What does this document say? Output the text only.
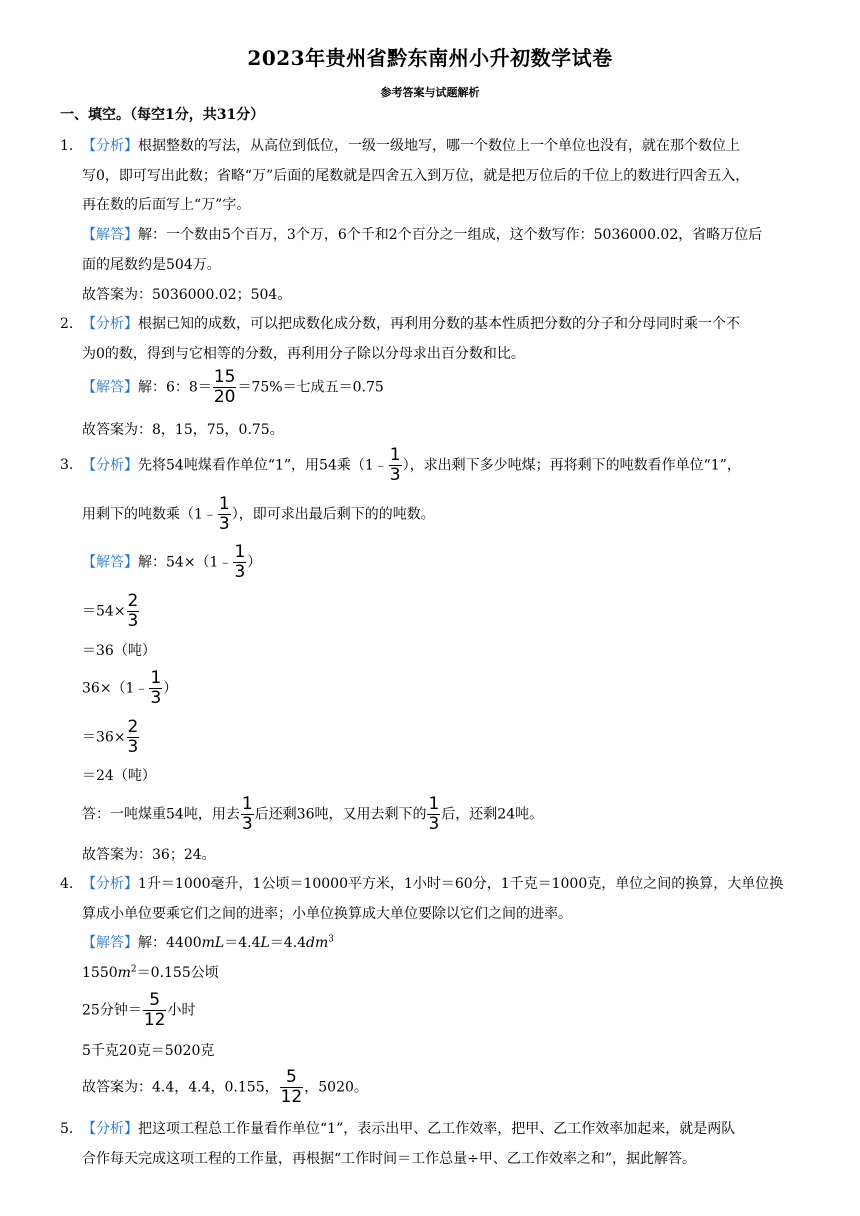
2023年贵州省黔东南州小升初数学试卷
参考答案与试题解析
一、填空。（每空1分，共31分）
1. 【分析】根据整数的写法，从高位到低位，一级一级地写，哪一个数位上一个单位也没有，就在那个数位上
写0，即可写出此数；省略“万”后面的尾数就是四舍五入到万位，就是把万位后的千位上的数进行四舍五入，
再在数的后面写上“万”字。
【解答】解：一个数由5个百万，3个万，6个千和2个百分之一组成，这个数写作：5036000.02，省略万位后
面的尾数约是504万。
故答案为：5036000.02；504。
2. 【分析】根据已知的成数，可以把成数化成分数，再利用分数的基本性质把分数的分子和分母同时乘一个不
为0的数，得到与它相等的分数，再利用分子除以分母求出百分数和比。
【解答】解：6：$8= \frac{15}{20} =75\%=$七成五＝0.75
故答案为：8，15，75，0.75。
3. 【分析】先将54吨煤看作单位“1”，用54乘（1﹣ $\frac{1}{3}$ ），求出剩下多少吨煤；再将剩下的吨数看作单位“1”，
用剩下的吨数乘（1﹣ $\frac{1}{3}$ ），即可求出最后剩下的的吨数。
【解答】解：54×（1﹣ $\frac{1}{3}$ ）
$=54\times \frac{2}{3}$
＝36（吨）
36×（1﹣ $\frac{1}{3}$ ）
$=36\times \frac{2}{3}$
＝24（吨）
答：一吨煤重54吨，用去 $\frac{1}{3}$ 后还剩36吨，又用去剩下的 $\frac{1}{3}$ 后，还剩24吨。
故答案为：36；24。
4. 【分析】1升＝1000毫升，1公顷＝10000平方米，1小时＝60分，1千克＝1000克，单位之间的换算，大单位换
算成小单位要乘它们之间的进率；小单位换算成大单位要除以它们之间的进率。
【解答】解：$4400mL=4.4L=4.4dm^3$
$1550m^2=0.155$公顷
25分钟＝ $\frac{5}{12}$ 小时
5千克20克＝5020克
故答案为：4.4，4.4，0.155， $\frac{5}{12}$ ，5020。
5. 【分析】把这项工程总工作量看作单位“1”，表示出甲、乙工作效率，把甲、乙工作效率加起来，就是两队
合作每天完成这项工程的工作量，再根据“工作时间＝工作总量÷甲、乙工作效率之和”，据此解答。
